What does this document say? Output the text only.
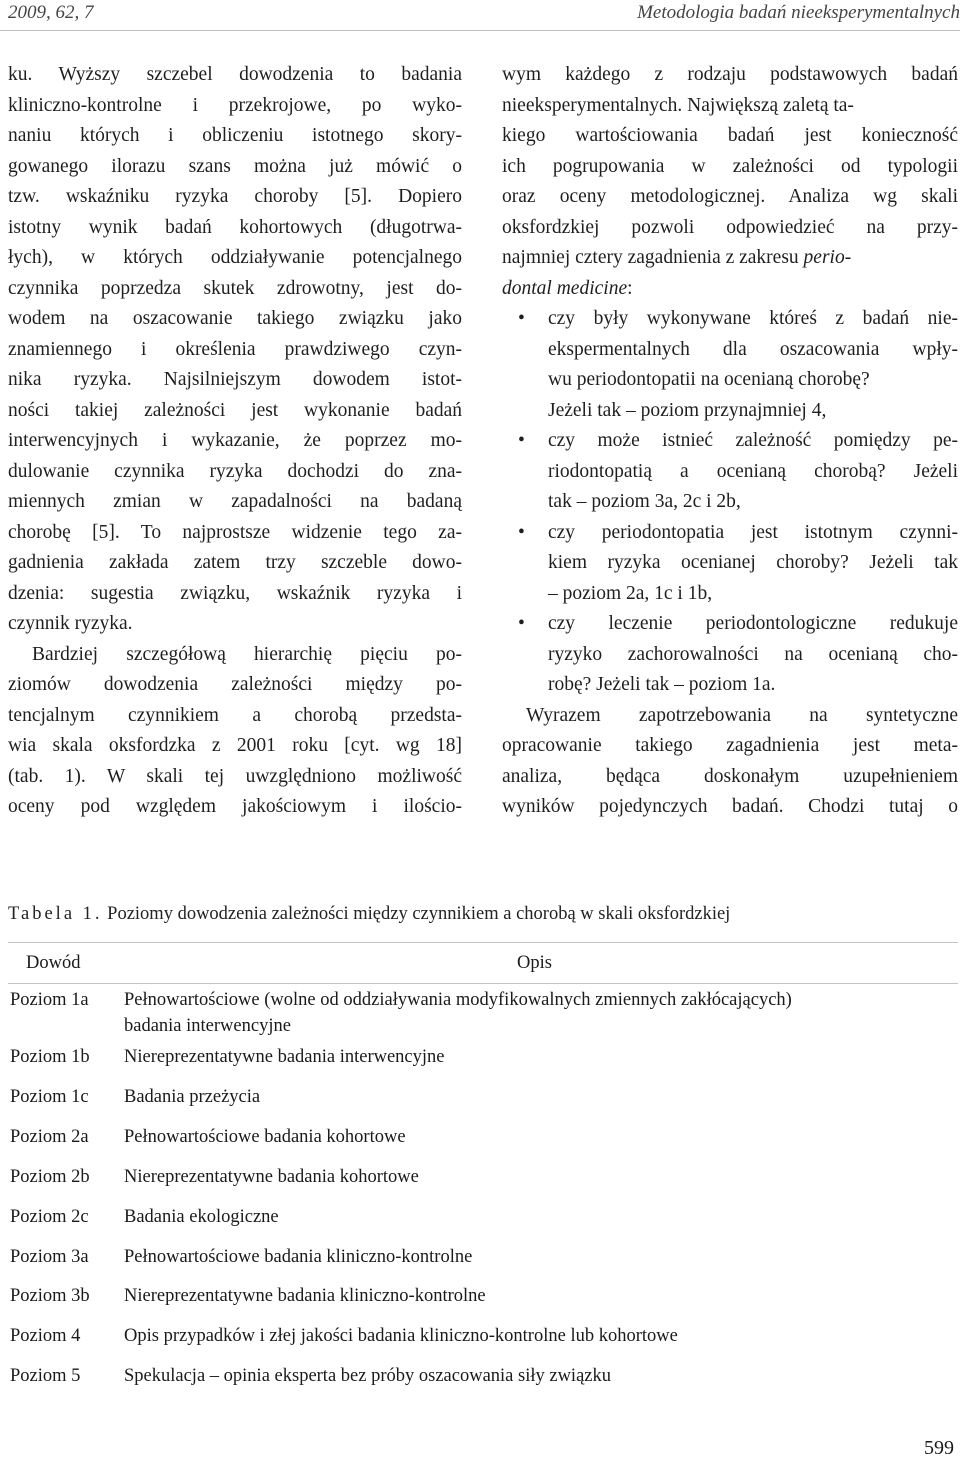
2009, 62, 7	Metodologia badań nieeksperymentalnych
ku. Wyższy szczebel dowodzenia to badania
kliniczno-kontrolne i przekrojowe, po wyko-
naniu których i obliczeniu istotnego skory-
gowanego ilorazu szans można już mówić o
tzw. wskaźniku ryzyka choroby [5]. Dopiero
istotny wynik badań kohortowych (długotrwa-
łych), w których oddziaływanie potencjalnego
czynnika poprzedza skutek zdrowotny, jest do-
wodem na oszacowanie takiego związku jako
znamiennego i określenia prawdziwego czyn-
nika ryzyka. Najsilniejszym dowodem istot-
ności takiej zależności jest wykonanie badań
interwencyjnych i wykazanie, że poprzez mo-
dulowanie czynnika ryzyka dochodzi do zna-
miennych zmian w zapadalności na badaną
chorobę [5]. To najprostsze widzenie tego za-
gadnienia zakłada zatem trzy szczeble dowo-
dzenia: sugestia związku, wskaźnik ryzyka i
czynnik ryzyka.
Bardziej szczegółową hierarchię pięciu po-
ziomów dowodzenia zależności między po-
tencjalnym czynnikiem a chorobą przedsta-
wia skala oksfordzka z 2001 roku [cyt. wg 18]
(tab. 1). W skali tej uwzględniono możliwość
oceny pod względem jakościowym i ilościo-
wym każdego z rodzaju podstawowych badań
nieeksperymentalnych. Największą zaletą ta-
kiego wartościowania badań jest konieczność
ich pogrupowania w zależności od typologii
oraz oceny metodologicznej. Analiza wg skali
oksfordzkiej pozwoli odpowiedzieć na przy-
najmniej cztery zagadnienia z zakresu perio-
dontal medicine:
• czy były wykonywane któreś z badań nie-
ekspermentalnych dla oszacowania wpły-
wu periodontopatii na ocenianą chorobę?
Jeżeli tak – poziom przynajmniej 4,
• czy może istnieć zależność pomiędzy pe-
riodontopatią a ocenianą chorobą? Jeżeli
tak – poziom 3a, 2c i 2b,
• czy periodontopatia jest istotnym czynni-
kiem ryzyka ocenianej choroby? Jeżeli tak
– poziom 2a, 1c i 1b,
• czy leczenie periodontologiczne redukuje
ryzyko zachorowalności na ocenianą cho-
robę? Jeżeli tak – poziom 1a.
Wyrazem zapotrzebowania na syntetyczne
opracowanie takiego zagadnienia jest meta-
analiza, będąca doskonałym uzupełnieniem
wyników pojedynczych badań. Chodzi tutaj o
Tabela 1. Poziomy dowodzenia zależności między czynnikiem a chorobą w skali oksfordzkiej
Dowód	Opis
Poziom 1a	Pełnowartościowe (wolne od oddziaływania modyfikowalnych zmiennych zakłócających)
badania interwencyjne
Poziom 1b	Niereprezentatywne badania interwencyjne
Poziom 1c	Badania przeżycia
Poziom 2a	Pełnowartościowe badania kohortowe
Poziom 2b	Niereprezentatywne badania kohortowe
Poziom 2c	Badania ekologiczne
Poziom 3a	Pełnowartościowe badania kliniczno-kontrolne
Poziom 3b	Niereprezentatywne badania kliniczno-kontrolne
Poziom 4	Opis przypadków i złej jakości badania kliniczno-kontrolne lub kohortowe
Poziom 5	Spekulacja – opinia eksperta bez próby oszacowania siły związku
599
